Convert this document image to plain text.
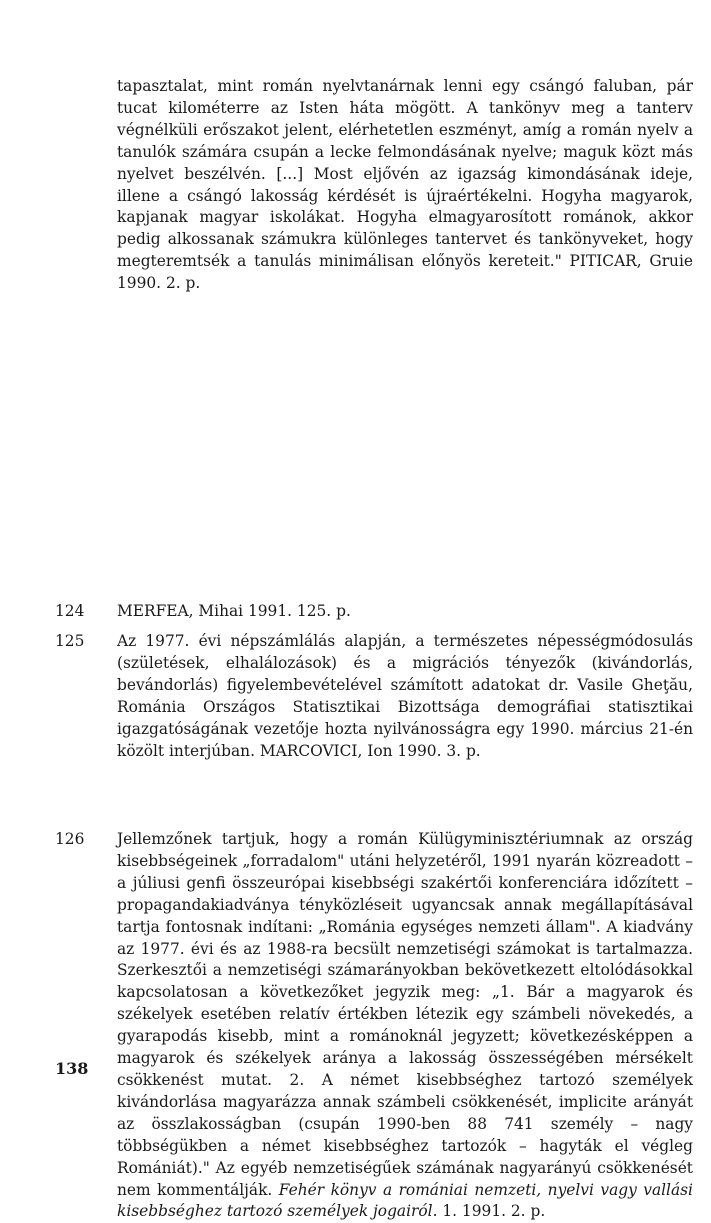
tapasztalat, mint román nyelvtanárnak lenni egy csángó faluban, pár tucat kilométerre az Isten háta mögött. A tankönyv meg a tanterv végnélküli erőszakot jelent, elérhetetlen eszményt, amíg a román nyelv a tanulók számára csupán a lecke felmondásának nyelve; maguk közt más nyelvet beszélvén. [...] Most eljővén az igazság kimondásának ideje, illene a csángó lakosság kérdését is újraértékelni. Hogyha magyarok, kapjanak magyar iskolákat. Hogyha elmagyarosított románok, akkor pedig alkossanak számukra különleges tantervet és tankönyveket, hogy megteremtsék a tanulás minimálisan előnyös kereteit." PITICAR, Gruie 1990. 2. p.

124 MERFEA, Mihai 1991. 125. p.

125 Az 1977. évi népszámlálás alapján, a természetes népességmódosulás (születések, elhalálozások) és a migrációs tényezők (kivándorlás, bevándorlás) figyelembevételével számított adatokat dr. Vasile Gheţău, Románia Országos Statisztikai Bizottsága demográfiai statisztikai igazgatóságának vezetője hozta nyilvánosságra egy 1990. március 21-én közölt interjúban. MARCOVICI, Ion 1990. 3. p.

126 Jellemzőnek tartjuk, hogy a román Külügyminisztériumnak az ország kisebbségeinek „forradalom" utáni helyzetéről, 1991 nyarán közreadott – a júliusi genfi összeurópai kisebbségi szakértői konferenciára időzített – propagandakiadványa tényközléseit ugyancsak annak megállapításával tartja fontosnak indítani: „Románia egységes nemzeti állam". A kiadvány az 1977. évi és az 1988-ra becsült nemzetiségi számokat is tartalmazza. Szerkesztői a nemzetiségi számarányokban bekövetkezett eltolódásokkal kapcsolatosan a következőket jegyzik meg: „1. Bár a magyarok és székelyek esetében relatív értékben létezik egy számbeli növekedés, a gyarapodás kisebb, mint a románoknál jegyzett; következésképpen a magyarok és székelyek aránya a lakosság összességében mérsékelt csökkenést mutat. 2. A német kisebbséghez tartozó személyek kivándorlása magyarázza annak számbeli csökkenését, implicite arányát az összlakosságban (csupán 1990-ben 88 741 személy – nagy többségükben a német kisebbséghez tartozók – hagyták el végleg Romániát)." Az egyéb nemzetiségűek számának nagyarányú csökkenését nem kommentálják. Fehér könyv a romániai nemzeti, nyelvi vagy vallási kisebbséghez tartozó személyek jogairól. 1. 1991. 2. p.

138
